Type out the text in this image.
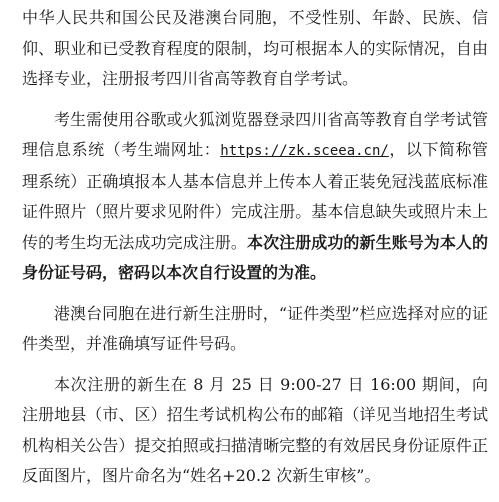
中华人民共和国公民及港澳台同胞，不受性别、年龄、民族、信仰、职业和已受教育程度的限制，均可根据本人的实际情况，自由选择专业，注册报考四川省高等教育自学考试。

考生需使用谷歌或火狐浏览器登录四川省高等教育自学考试管理信息系统（考生端网址：https://zk.sceea.cn/，以下简称管理系统）正确填报本人基本信息并上传本人着正装免冠浅蓝底标准证件照片（照片要求见附件）完成注册。基本信息缺失或照片未上传的考生均无法成功完成注册。本次注册成功的新生账号为本人的身份证号码，密码以本次自行设置的为准。

港澳台同胞在进行新生注册时，“证件类型”栏应选择对应的证件类型，并准确填写证件号码。

本次注册的新生在 8 月 25 日 9:00-27 日 16:00 期间，向注册地县（市、区）招生考试机构公布的邮箱（详见当地招生考试机构相关公告）提交拍照或扫描清晰完整的有效居民身份证原件正反面图片，图片命名为“姓名+20.2 次新生审核”。
